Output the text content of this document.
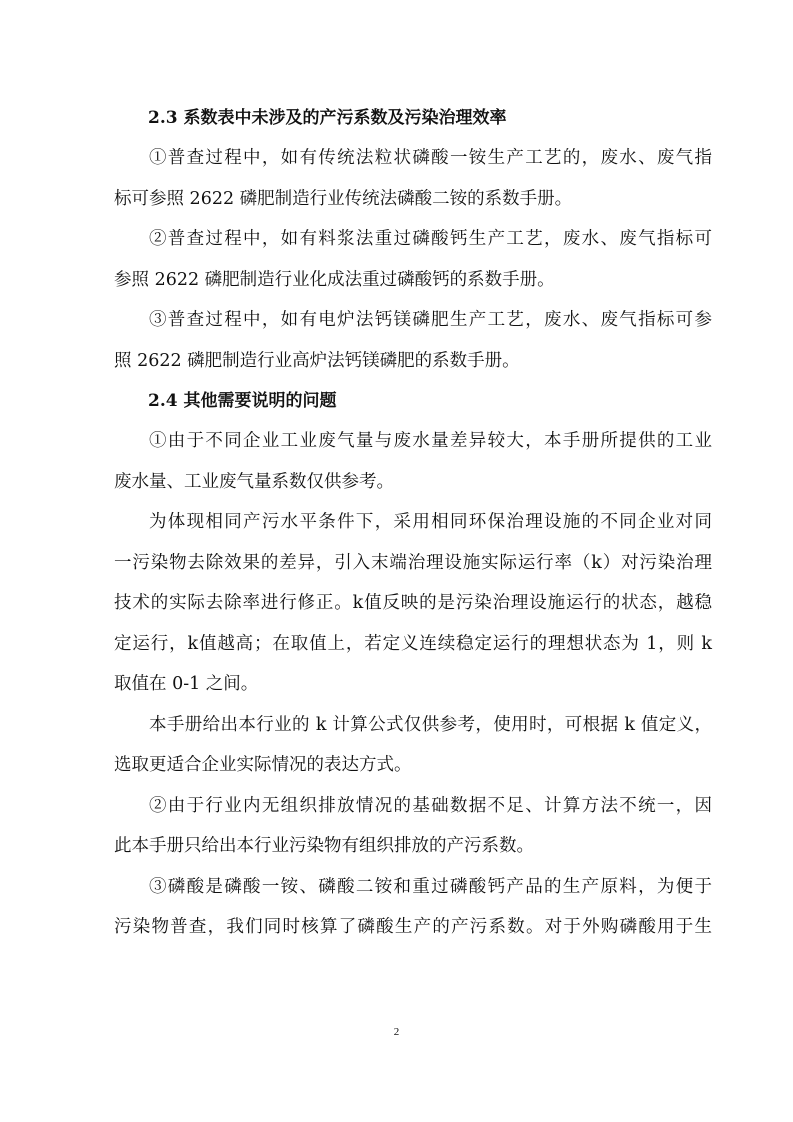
2.3 系数表中未涉及的产污系数及污染治理效率

①普查过程中，如有传统法粒状磷酸一铵生产工艺的，废水、废气指
标可参照 2622 磷肥制造行业传统法磷酸二铵的系数手册。

②普查过程中，如有料浆法重过磷酸钙生产工艺，废水、废气指标可
参照 2622 磷肥制造行业化成法重过磷酸钙的系数手册。

③普查过程中，如有电炉法钙镁磷肥生产工艺，废水、废气指标可参
照 2622 磷肥制造行业高炉法钙镁磷肥的系数手册。

2.4 其他需要说明的问题

①由于不同企业工业废气量与废水量差异较大，本手册所提供的工业
废水量、工业废气量系数仅供参考。

为体现相同产污水平条件下，采用相同环保治理设施的不同企业对同
一污染物去除效果的差异，引入末端治理设施实际运行率（k）对污染治理
技术的实际去除率进行修正。k值反映的是污染治理设施运行的状态，越稳
定运行，k值越高；在取值上，若定义连续稳定运行的理想状态为 1，则 k
取值在 0-1 之间。

本手册给出本行业的 k 计算公式仅供参考，使用时，可根据 k 值定义，
选取更适合企业实际情况的表达方式。

②由于行业内无组织排放情况的基础数据不足、计算方法不统一，因
此本手册只给出本行业污染物有组织排放的产污系数。

③磷酸是磷酸一铵、磷酸二铵和重过磷酸钙产品的生产原料，为便于
污染物普查，我们同时核算了磷酸生产的产污系数。对于外购磷酸用于生

2
